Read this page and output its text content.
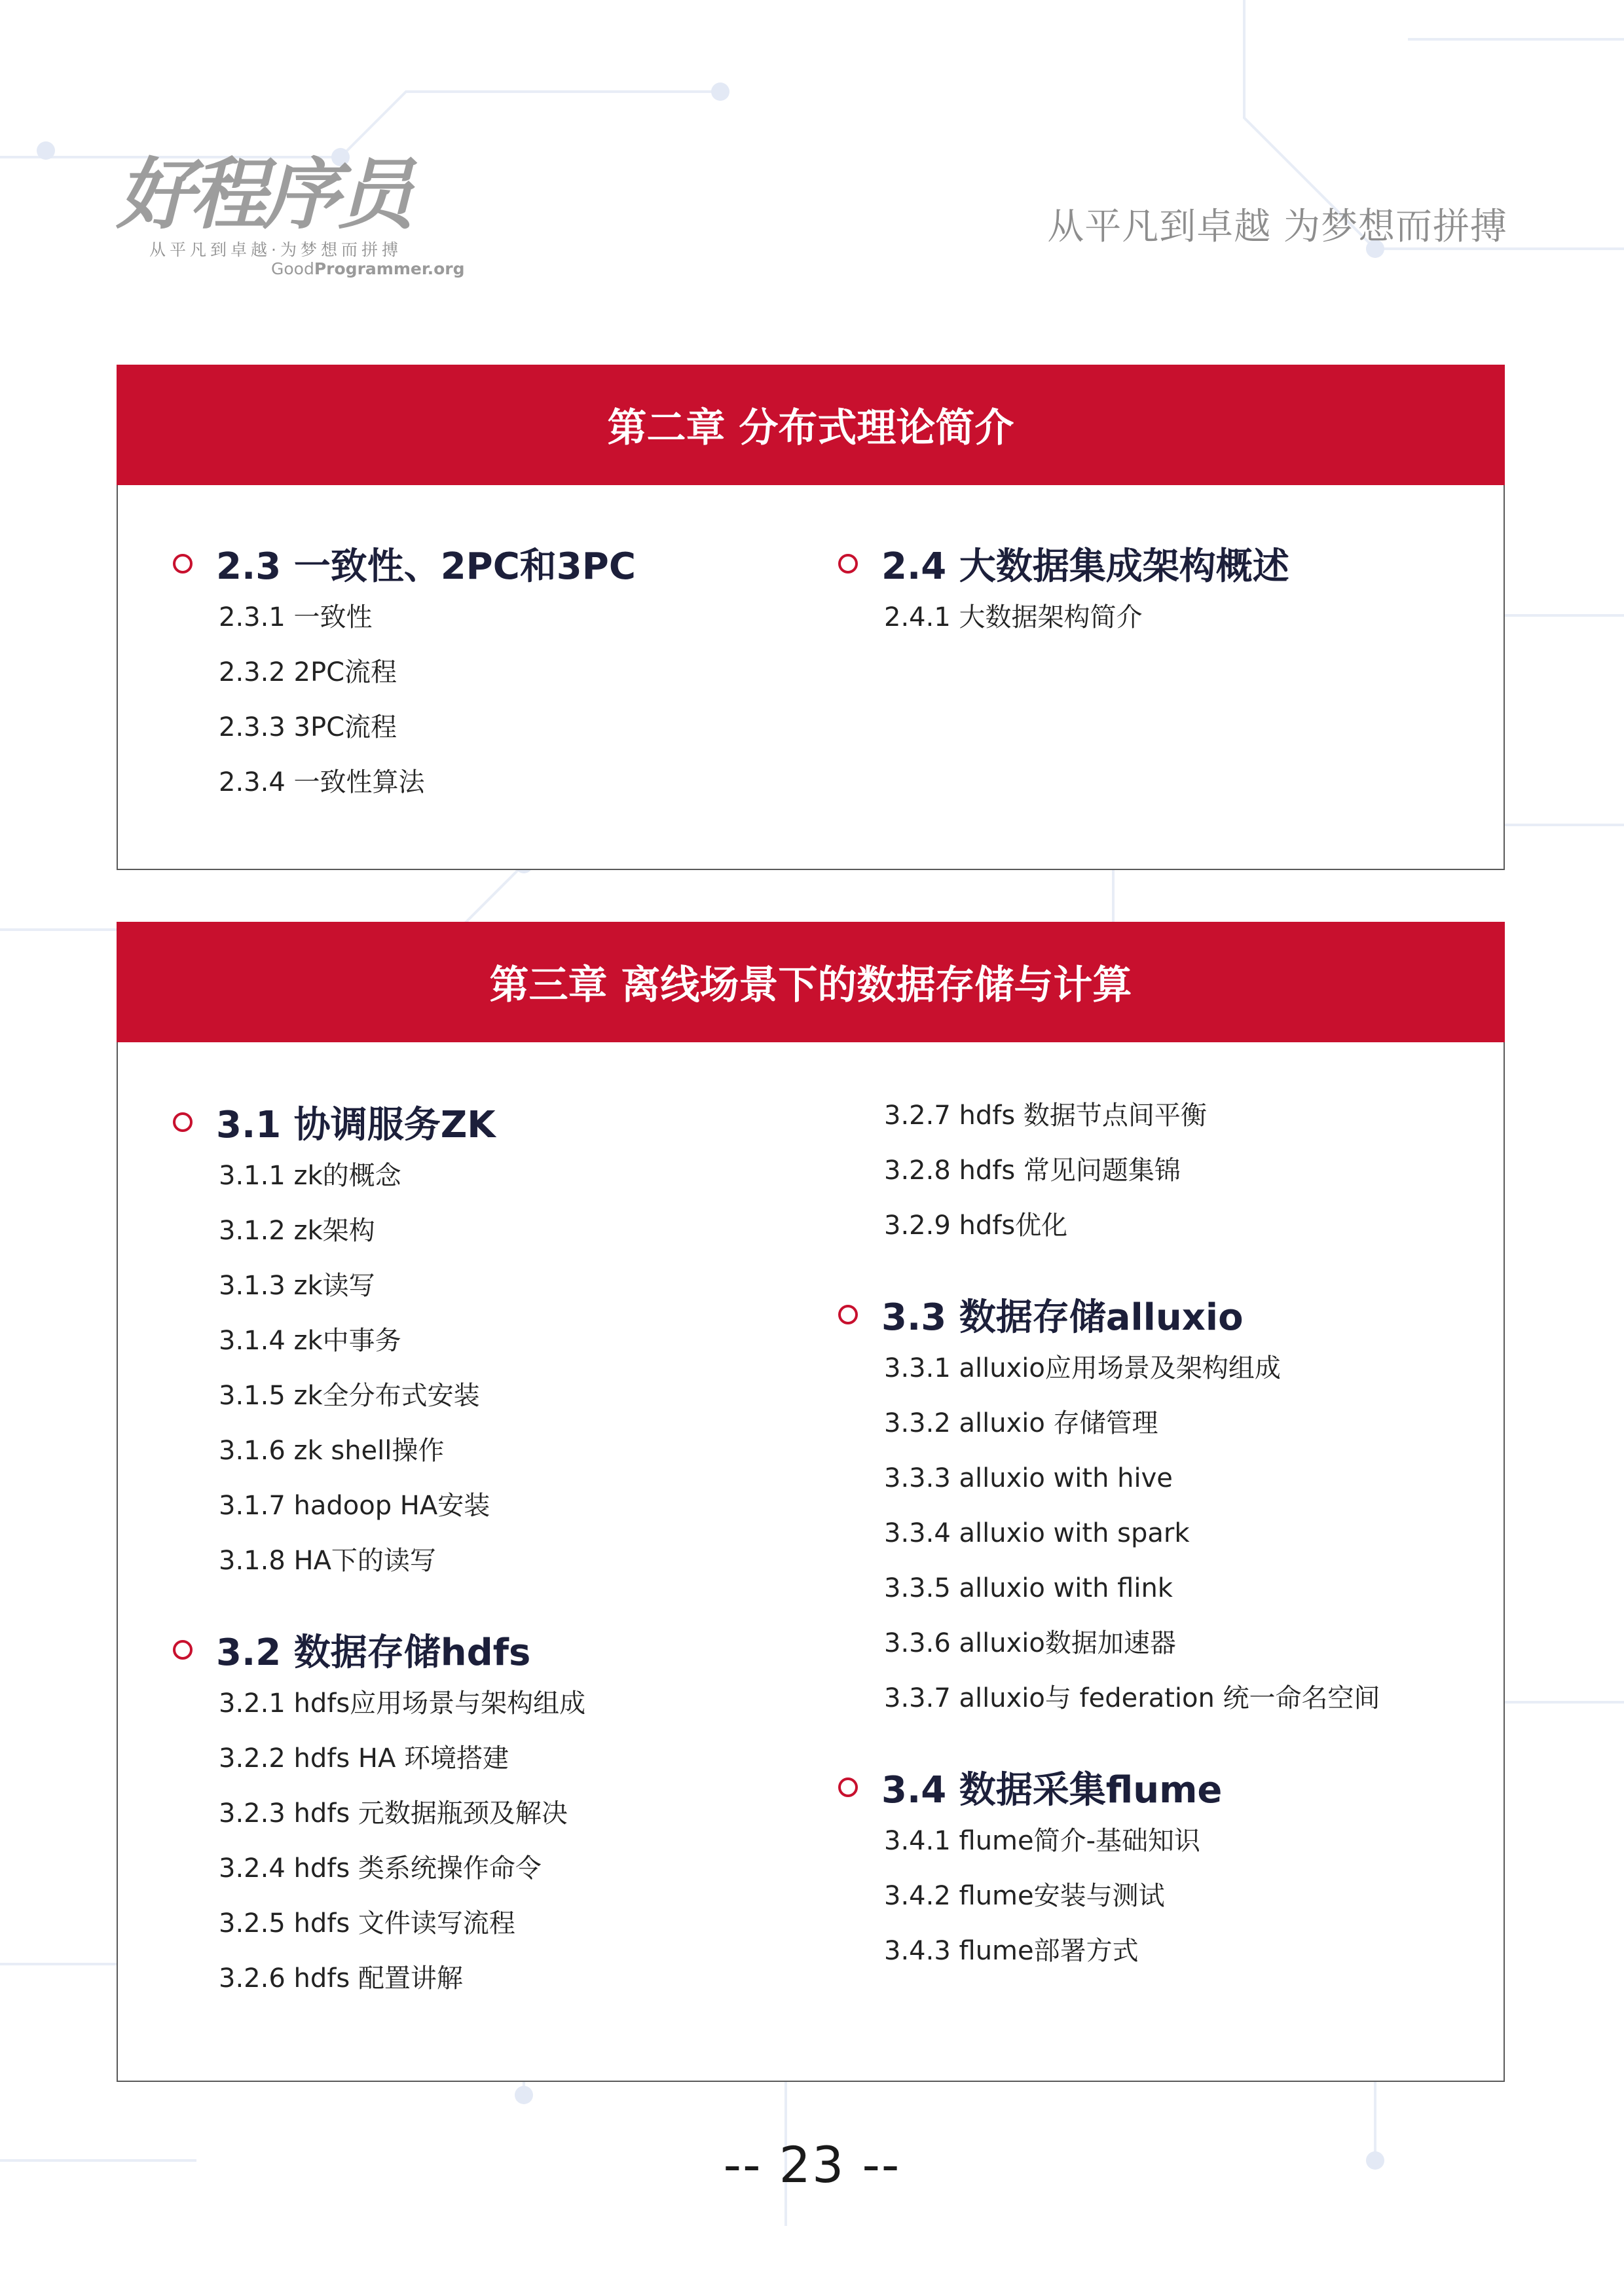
好程序员
从平凡到卓越·为梦想而拼搏
GoodProgrammer.org
从平凡到卓越 为梦想而拼搏
第二章 分布式理论简介
2.3 一致性、2PC和3PC
2.3.1 一致性
2.3.2 2PC流程
2.3.3 3PC流程
2.3.4 一致性算法
2.4 大数据集成架构概述
2.4.1 大数据架构简介
第三章 离线场景下的数据存储与计算
3.1 协调服务ZK
3.1.1 zk的概念
3.1.2 zk架构
3.1.3 zk读写
3.1.4 zk中事务
3.1.5 zk全分布式安装
3.1.6 zk shell操作
3.1.7 hadoop HA安装
3.1.8 HA下的读写
3.2 数据存储hdfs
3.2.1 hdfs应用场景与架构组成
3.2.2 hdfs HA 环境搭建
3.2.3 hdfs 元数据瓶颈及解决
3.2.4 hdfs 类系统操作命令
3.2.5 hdfs 文件读写流程
3.2.6 hdfs 配置讲解
3.2.7 hdfs 数据节点间平衡
3.2.8 hdfs 常见问题集锦
3.2.9 hdfs优化
3.3 数据存储alluxio
3.3.1 alluxio应用场景及架构组成
3.3.2 alluxio 存储管理
3.3.3 alluxio with hive
3.3.4 alluxio with spark
3.3.5 alluxio with flink
3.3.6 alluxio数据加速器
3.3.7 alluxio与 federation 统一命名空间
3.4 数据采集flume
3.4.1 flume简介-基础知识
3.4.2 flume安装与测试
3.4.3 flume部署方式
-- 23 --
